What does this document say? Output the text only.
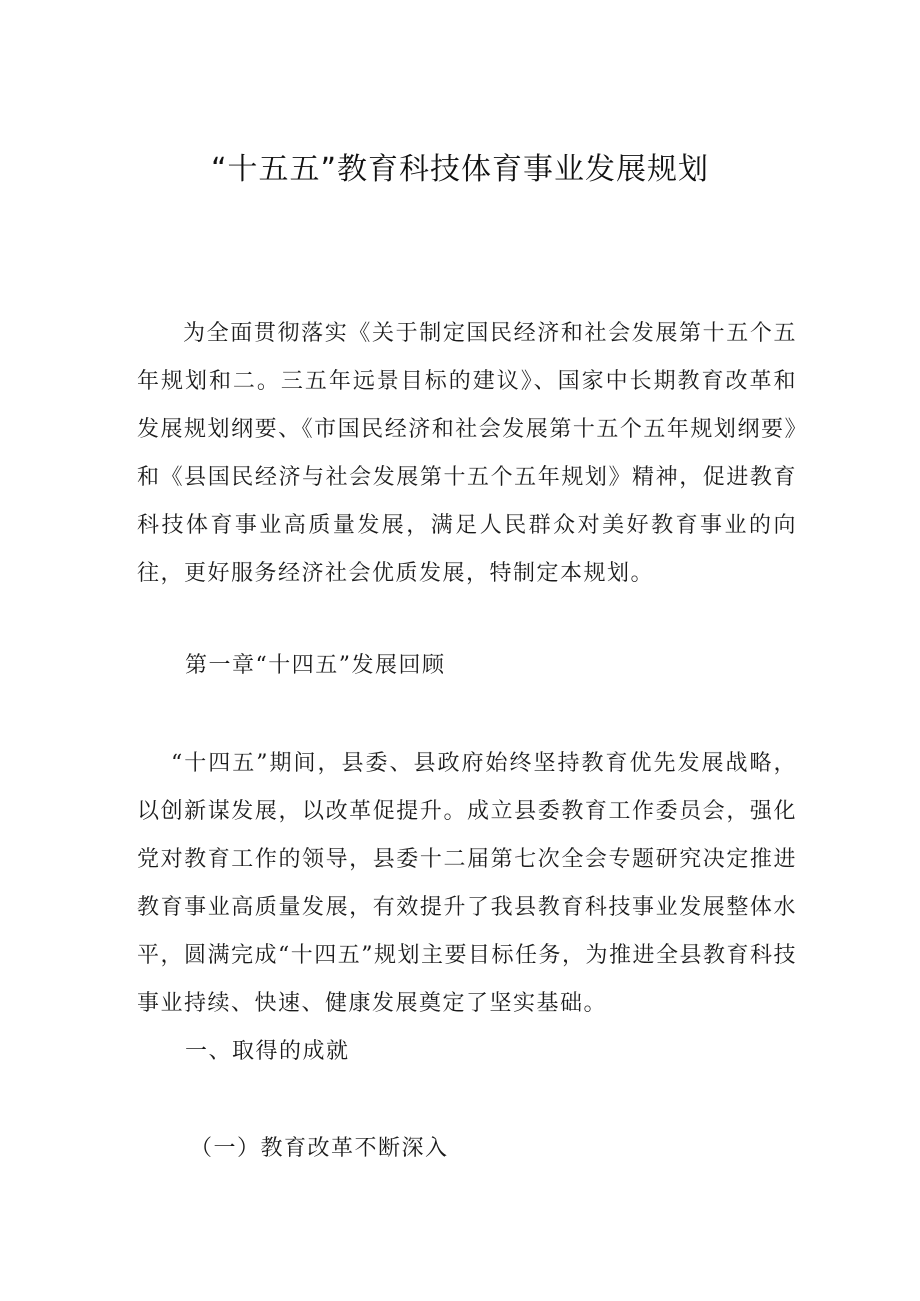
“十五五”教育科技体育事业发展规划

为全面贯彻落实《关于制定国民经济和社会发展第十五个五年规划和二。三五年远景目标的建议》、国家中长期教育改革和发展规划纲要、《市国民经济和社会发展第十五个五年规划纲要》和《县国民经济与社会发展第十五个五年规划》精神，促进教育科技体育事业高质量发展，满足人民群众对美好教育事业的向往，更好服务经济社会优质发展，特制定本规划。

第一章“十四五”发展回顾

“十四五”期间，县委、县政府始终坚持教育优先发展战略，以创新谋发展，以改革促提升。成立县委教育工作委员会，强化党对教育工作的领导，县委十二届第七次全会专题研究决定推进教育事业高质量发展，有效提升了我县教育科技事业发展整体水平，圆满完成“十四五”规划主要目标任务，为推进全县教育科技事业持续、快速、健康发展奠定了坚实基础。

一、取得的成就

（一）教育改革不断深入
